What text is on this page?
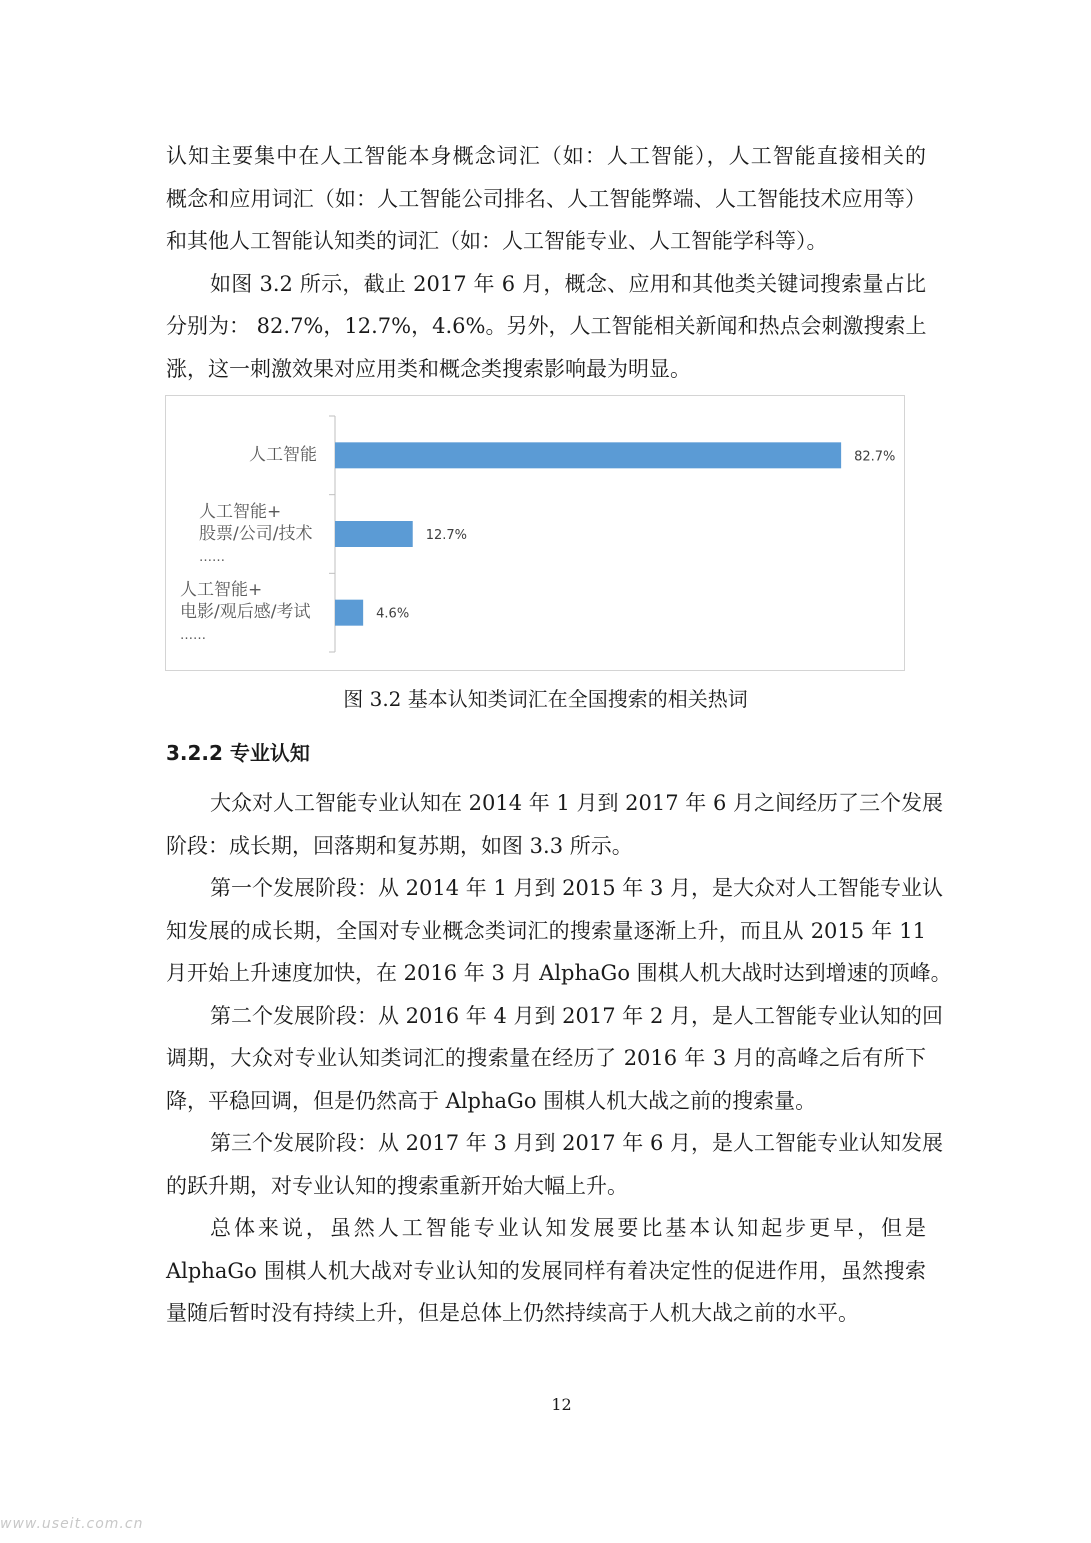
认知主要集中在人工智能本身概念词汇（如：人工智能），人工智能直接相关的
概念和应用词汇（如：人工智能公司排名、人工智能弊端、人工智能技术应用等）
和其他人工智能认知类的词汇（如：人工智能专业、人工智能学科等）。
如图 3.2 所示，截止 2017 年 6 月，概念、应用和其他类关键词搜索量占比
分别为： 82.7%，12.7%，4.6%。另外，人工智能相关新闻和热点会刺激搜索上
涨，这一刺激效果对应用类和概念类搜索影响最为明显。
82.7%
12.7%
4.6%
人工智能
人工智能+
股票/公司/技术
……
人工智能+
电影/观后感/考试
……
图 3.2 基本认知类词汇在全国搜索的相关热词
3.2.2 专业认知
大众对人工智能专业认知在 2014 年 1 月到 2017 年 6 月之间经历了三个发展
阶段：成长期，回落期和复苏期，如图 3.3 所示。
第一个发展阶段：从 2014 年 1 月到 2015 年 3 月，是大众对人工智能专业认
知发展的成长期，全国对专业概念类词汇的搜索量逐渐上升，而且从 2015 年 11
月开始上升速度加快，在 2016 年 3 月 AlphaGo 围棋人机大战时达到增速的顶峰。
第二个发展阶段：从 2016 年 4 月到 2017 年 2 月，是人工智能专业认知的回
调期，大众对专业认知类词汇的搜索量在经历了 2016 年 3 月的高峰之后有所下
降，平稳回调，但是仍然高于 AlphaGo 围棋人机大战之前的搜索量。
第三个发展阶段：从 2017 年 3 月到 2017 年 6 月，是人工智能专业认知发展
的跃升期，对专业认知的搜索重新开始大幅上升。
总体来说，虽然人工智能专业认知发展要比基本认知起步更早，但是
AlphaGo 围棋人机大战对专业认知的发展同样有着决定性的促进作用，虽然搜索
量随后暂时没有持续上升，但是总体上仍然持续高于人机大战之前的水平。
12
www.useit.com.cn
